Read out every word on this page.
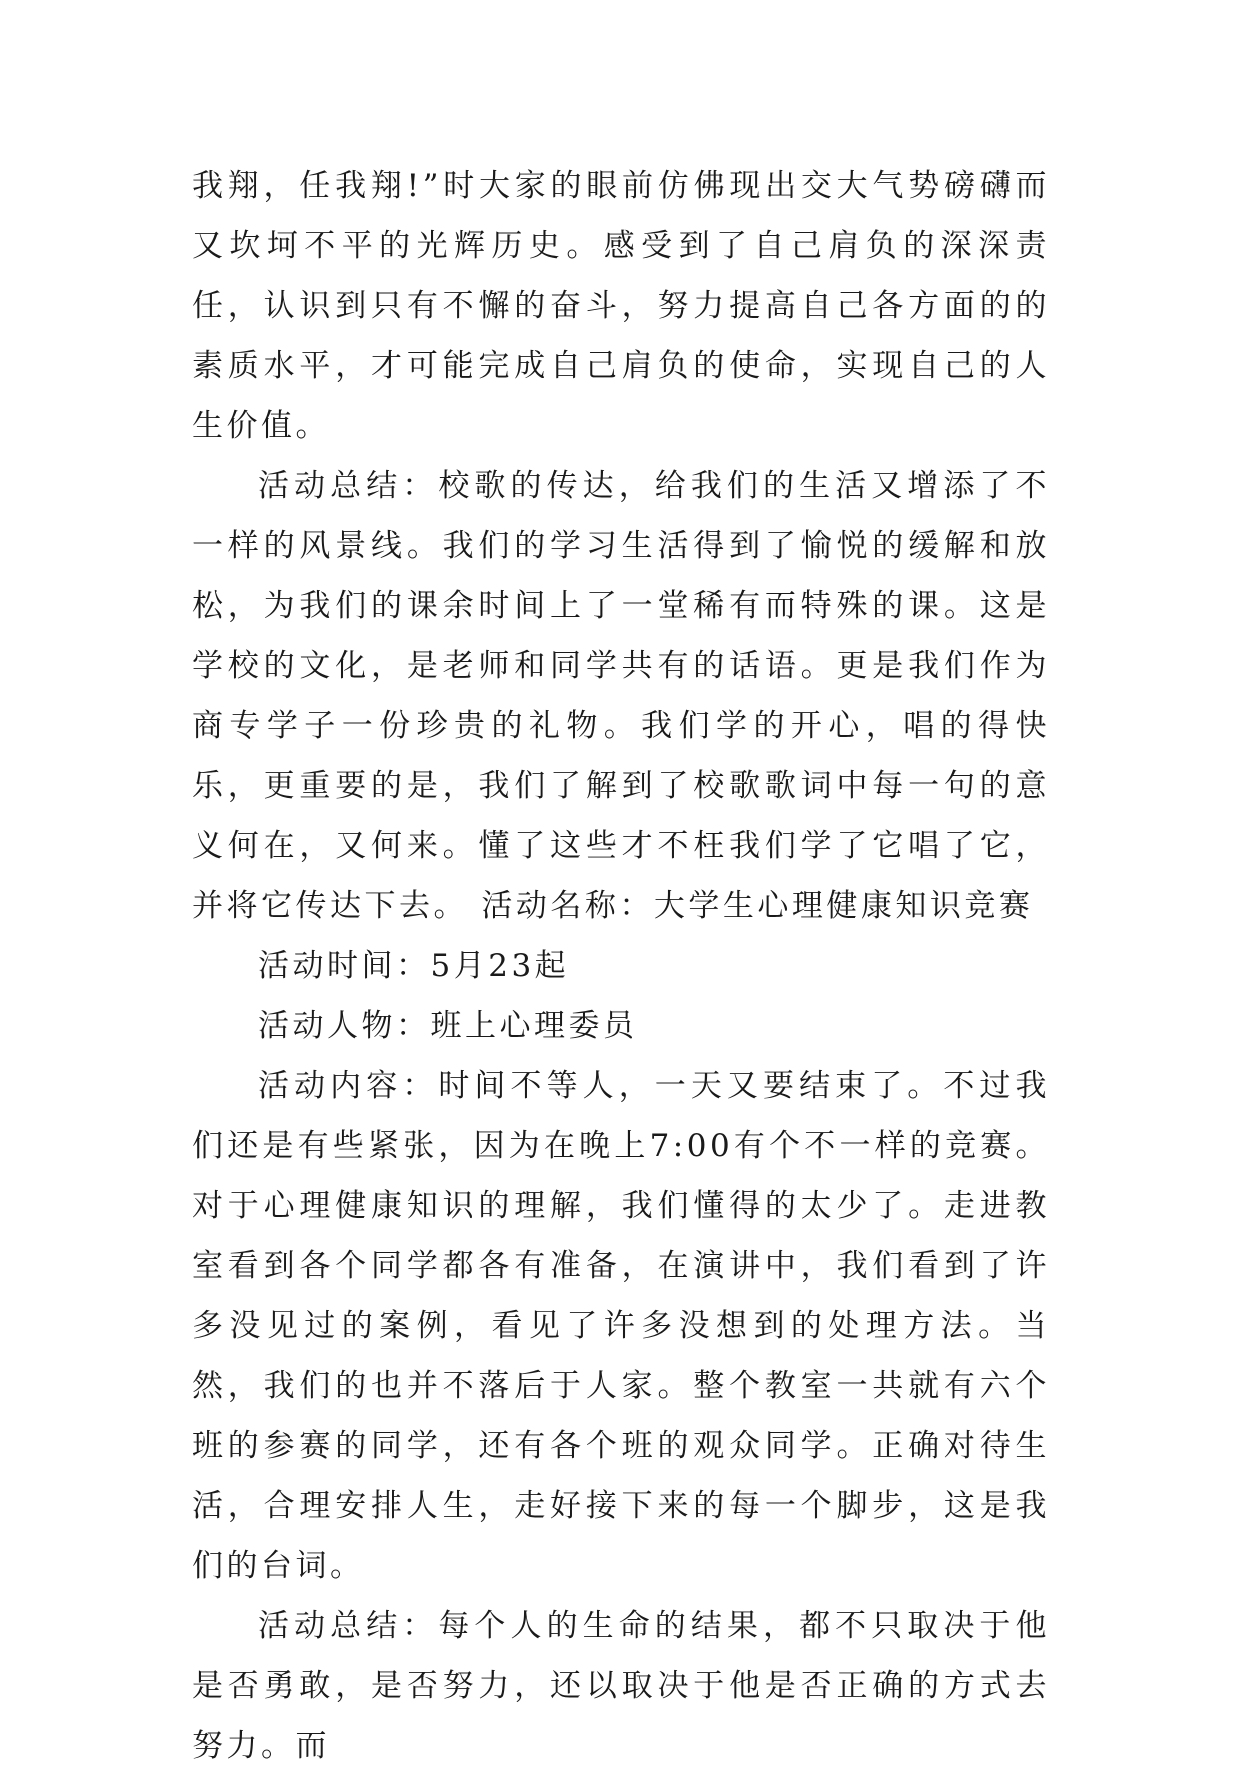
我翔，任我翔!”时大家的眼前仿佛现出交大气势磅礴而又坎坷不平的光辉历史。感受到了自己肩负的深深责任，认识到只有不懈的奋斗，努力提高自己各方面的的素质水平，才可能完成自己肩负的使命，实现自己的人生价值。

活动总结：校歌的传达，给我们的生活又增添了不一样的风景线。我们的学习生活得到了愉悦的缓解和放松，为我们的课余时间上了一堂稀有而特殊的课。这是学校的文化，是老师和同学共有的话语。更是我们作为商专学子一份珍贵的礼物。我们学的开心，唱的得快乐，更重要的是，我们了解到了校歌歌词中每一句的意义何在，又何来。懂了这些才不枉我们学了它唱了它，并将它传达下去。 活动名称：大学生心理健康知识竞赛

活动时间：5月23起

活动人物：班上心理委员

活动内容：时间不等人，一天又要结束了。不过我们还是有些紧张，因为在晚上7:00有个不一样的竞赛。对于心理健康知识的理解，我们懂得的太少了。走进教室看到各个同学都各有准备，在演讲中，我们看到了许多没见过的案例，看见了许多没想到的处理方法。当然，我们的也并不落后于人家。整个教室一共就有六个班的参赛的同学，还有各个班的观众同学。正确对待生活，合理安排人生，走好接下来的每一个脚步，这是我们的台词。

活动总结：每个人的生命的结果，都不只取决于他是否勇敢，是否努力，还以取决于他是否正确的方式去努力。而
